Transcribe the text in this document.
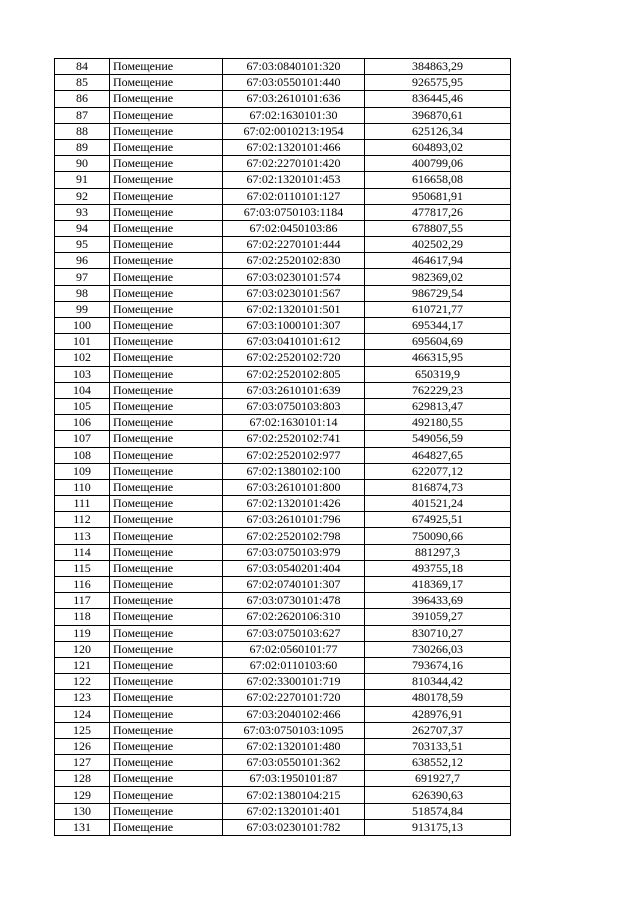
84	Помещение	67:03:0840101:320	384863,29
85	Помещение	67:03:0550101:440	926575,95
86	Помещение	67:03:2610101:636	836445,46
87	Помещение	67:02:1630101:30	396870,61
88	Помещение	67:02:0010213:1954	625126,34
89	Помещение	67:02:1320101:466	604893,02
90	Помещение	67:02:2270101:420	400799,06
91	Помещение	67:02:1320101:453	616658,08
92	Помещение	67:02:0110101:127	950681,91
93	Помещение	67:03:0750103:1184	477817,26
94	Помещение	67:02:0450103:86	678807,55
95	Помещение	67:02:2270101:444	402502,29
96	Помещение	67:02:2520102:830	464617,94
97	Помещение	67:03:0230101:574	982369,02
98	Помещение	67:03:0230101:567	986729,54
99	Помещение	67:02:1320101:501	610721,77
100	Помещение	67:03:1000101:307	695344,17
101	Помещение	67:03:0410101:612	695604,69
102	Помещение	67:02:2520102:720	466315,95
103	Помещение	67:02:2520102:805	650319,9
104	Помещение	67:03:2610101:639	762229,23
105	Помещение	67:03:0750103:803	629813,47
106	Помещение	67:02:1630101:14	492180,55
107	Помещение	67:02:2520102:741	549056,59
108	Помещение	67:02:2520102:977	464827,65
109	Помещение	67:02:1380102:100	622077,12
110	Помещение	67:03:2610101:800	816874,73
111	Помещение	67:02:1320101:426	401521,24
112	Помещение	67:03:2610101:796	674925,51
113	Помещение	67:02:2520102:798	750090,66
114	Помещение	67:03:0750103:979	881297,3
115	Помещение	67:03:0540201:404	493755,18
116	Помещение	67:02:0740101:307	418369,17
117	Помещение	67:03:0730101:478	396433,69
118	Помещение	67:02:2620106:310	391059,27
119	Помещение	67:03:0750103:627	830710,27
120	Помещение	67:02:0560101:77	730266,03
121	Помещение	67:02:0110103:60	793674,16
122	Помещение	67:02:3300101:719	810344,42
123	Помещение	67:02:2270101:720	480178,59
124	Помещение	67:03:2040102:466	428976,91
125	Помещение	67:03:0750103:1095	262707,37
126	Помещение	67:02:1320101:480	703133,51
127	Помещение	67:03:0550101:362	638552,12
128	Помещение	67:03:1950101:87	691927,7
129	Помещение	67:02:1380104:215	626390,63
130	Помещение	67:02:1320101:401	518574,84
131	Помещение	67:03:0230101:782	913175,13
